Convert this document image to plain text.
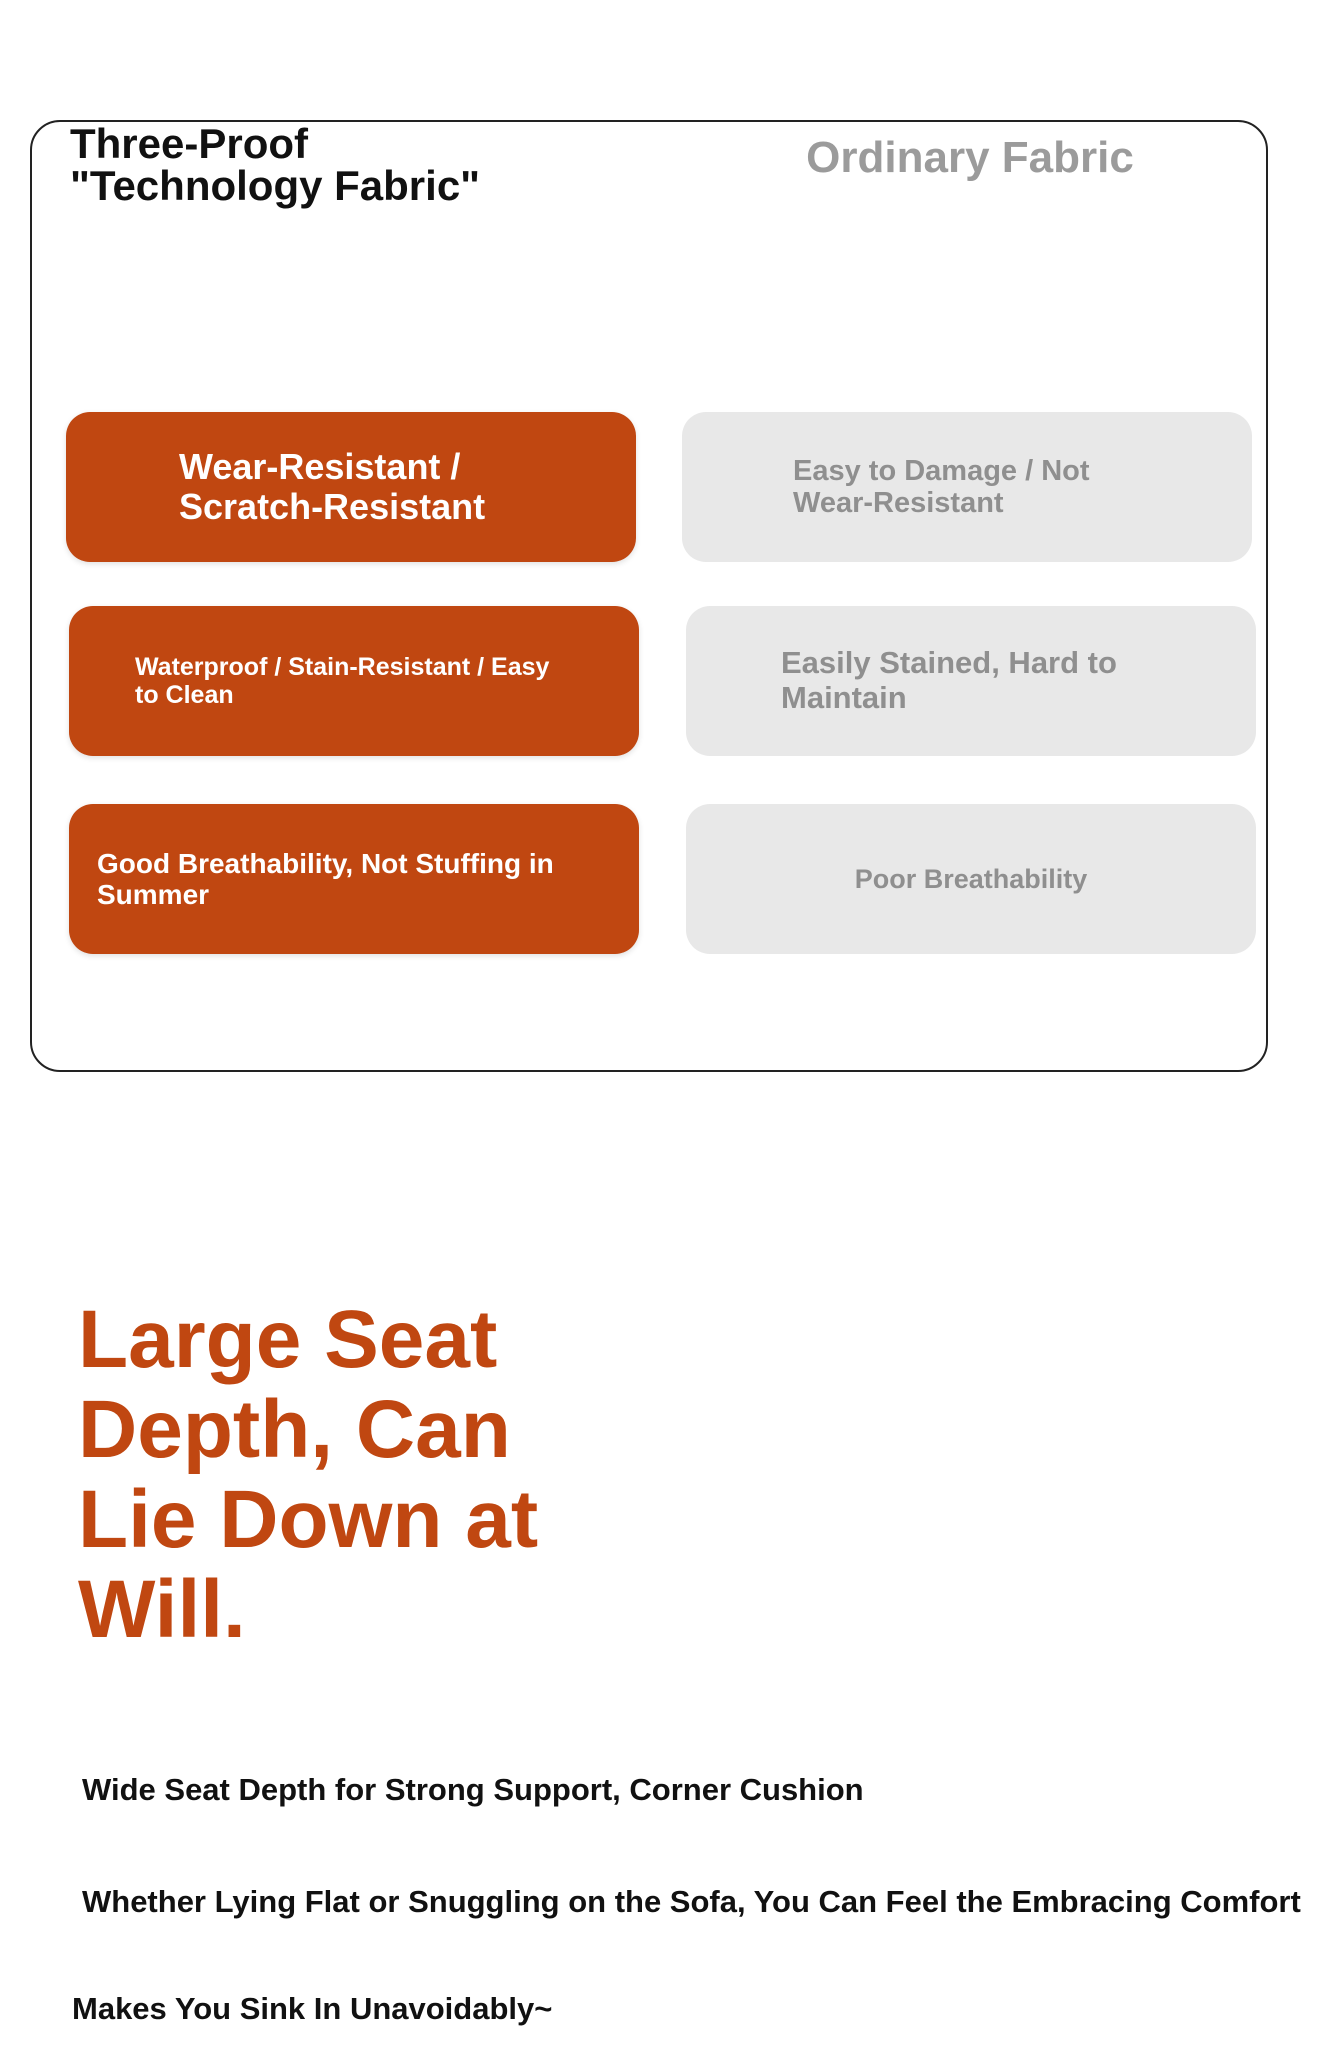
Three-Proof
"Technology Fabric"
Ordinary Fabric
Wear-Resistant / Scratch-Resistant
Easy to Damage / Not Wear-Resistant
Waterproof / Stain-Resistant / Easy to Clean
Easily Stained, Hard to Maintain
Good Breathability, Not Stuffing in Summer
Poor Breathability
Large Seat
Depth, Can
Lie Down at
Will.
Wide Seat Depth for Strong Support, Corner Cushion
Whether Lying Flat or Snuggling on the Sofa, You Can Feel the Embracing Comfort
Makes You Sink In Unavoidably~
